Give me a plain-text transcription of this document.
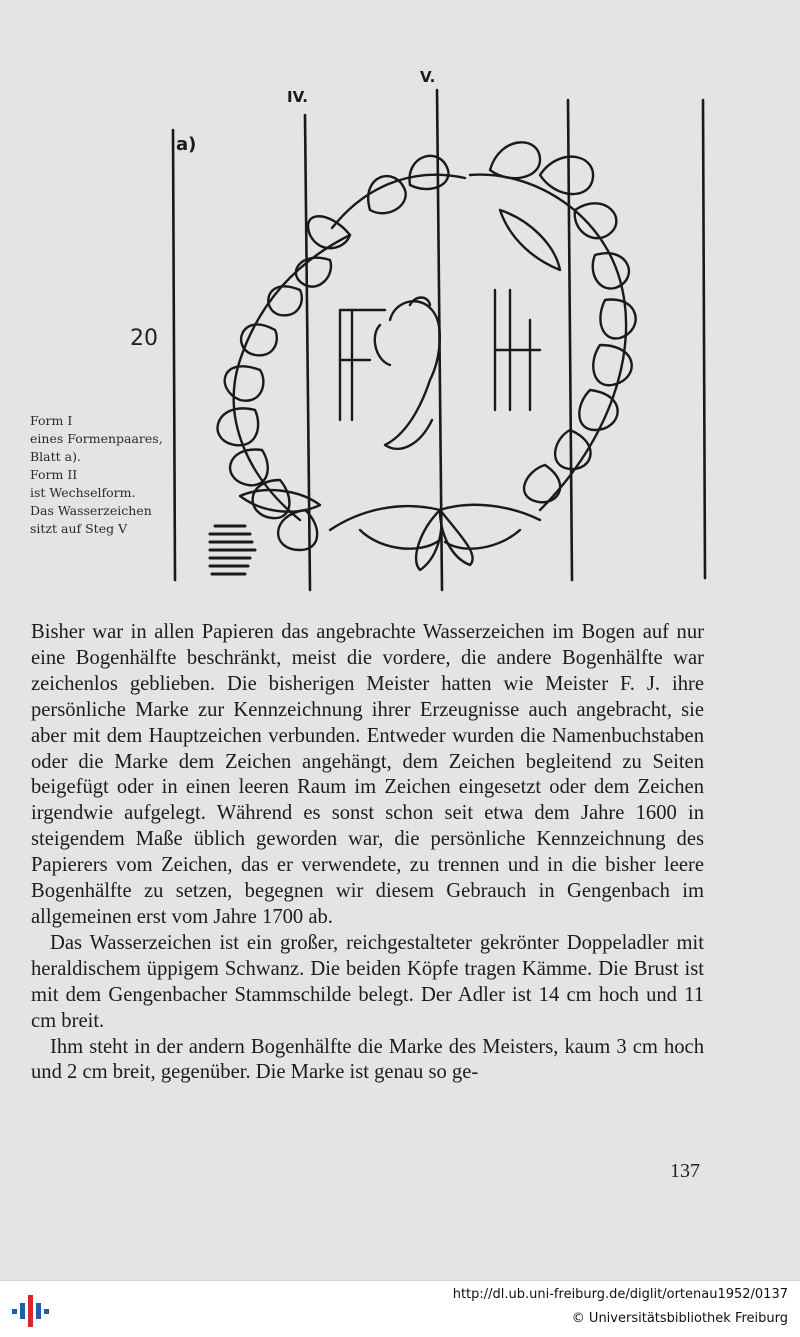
a)
IV.
V.
20
Form I
eines Formenpaares,
Blatt a).
Form II
ist Wechselform.
Das Wasserzeichen
sitzt auf Steg V

Bisher war in allen Papieren das angebrachte Wasserzeichen im Bogen auf nur eine Bogenhälfte beschränkt, meist die vordere, die andere Bogenhälfte war zeichenlos geblieben. Die bisherigen Meister hatten wie Meister F. J. ihre persönliche Marke zur Kennzeichnung ihrer Erzeugnisse auch angebracht, sie aber mit dem Hauptzeichen verbunden. Entweder wurden die Namenbuchstaben oder die Marke dem Zeichen angehängt, dem Zeichen begleitend zu Seiten beigefügt oder in einen leeren Raum im Zeichen eingesetzt oder dem Zeichen irgendwie aufgelegt. Während es sonst schon seit etwa dem Jahre 1600 in steigendem Maße üblich geworden war, die persönliche Kennzeichnung des Papierers vom Zeichen, das er verwendete, zu trennen und in die bisher leere Bogenhälfte zu setzen, begegnen wir diesem Gebrauch in Gengenbach im allgemeinen erst vom Jahre 1700 ab.

Das Wasserzeichen ist ein großer, reichgestalteter gekrönter Doppeladler mit heraldischem üppigem Schwanz. Die beiden Köpfe tragen Kämme. Die Brust ist mit dem Gengenbacher Stammschilde belegt. Der Adler ist 14 cm hoch und 11 cm breit.

Ihm steht in der andern Bogenhälfte die Marke des Meisters, kaum 3 cm hoch und 2 cm breit, gegenüber. Die Marke ist genau so ge-

137
http://dl.ub.uni-freiburg.de/diglit/ortenau1952/0137
© Universitätsbibliothek Freiburg
